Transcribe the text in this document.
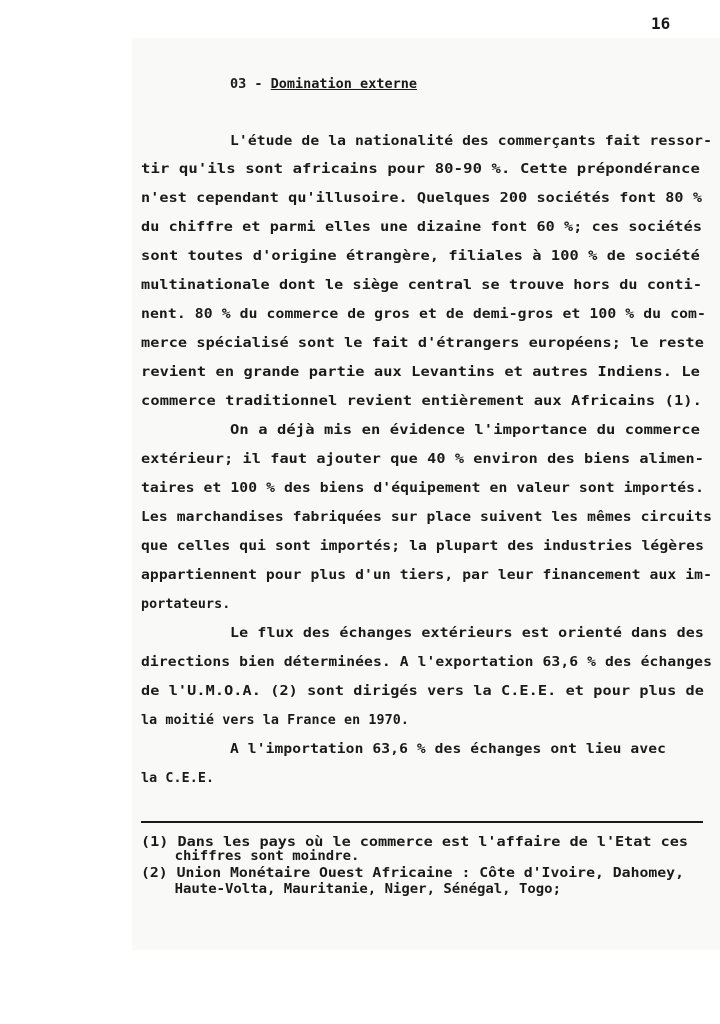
16
03 - Domination externe
L'étude de la nationalité des commerçants fait ressor-
tir qu'ils sont africains pour 80-90 %. Cette prépondérance
n'est cependant qu'illusoire. Quelques 200 sociétés font 80 %
du chiffre et parmi elles une dizaine font 60 %; ces sociétés
sont toutes d'origine étrangère, filiales à 100 % de société
multinationale dont le siège central se trouve hors du conti-
nent. 80 % du commerce de gros et de demi-gros et 100 % du com-
merce spécialisé sont le fait d'étrangers européens; le reste
revient en grande partie aux Levantins et autres Indiens. Le
commerce traditionnel revient entièrement aux Africains (1).
On a déjà mis en évidence l'importance du commerce
extérieur; il faut ajouter que 40 % environ des biens alimen-
taires et 100 % des biens d'équipement en valeur sont importés.
Les marchandises fabriquées sur place suivent les mêmes circuits
que celles qui sont importés; la plupart des industries légères
appartiennent pour plus d'un tiers, par leur financement aux im-
portateurs.
Le flux des échanges extérieurs est orienté dans des
directions bien déterminées. A l'exportation 63,6 % des échanges
de l'U.M.O.A. (2) sont dirigés vers la C.E.E. et pour plus de
la moitié vers la France en 1970.
A l'importation 63,6 % des échanges ont lieu avec
la C.E.E.
(1) Dans les pays où le commerce est l'affaire de l'Etat ces
chiffres sont moindre.
(2) Union Monétaire Ouest Africaine : Côte d'Ivoire, Dahomey,
Haute-Volta, Mauritanie, Niger, Sénégal, Togo;
